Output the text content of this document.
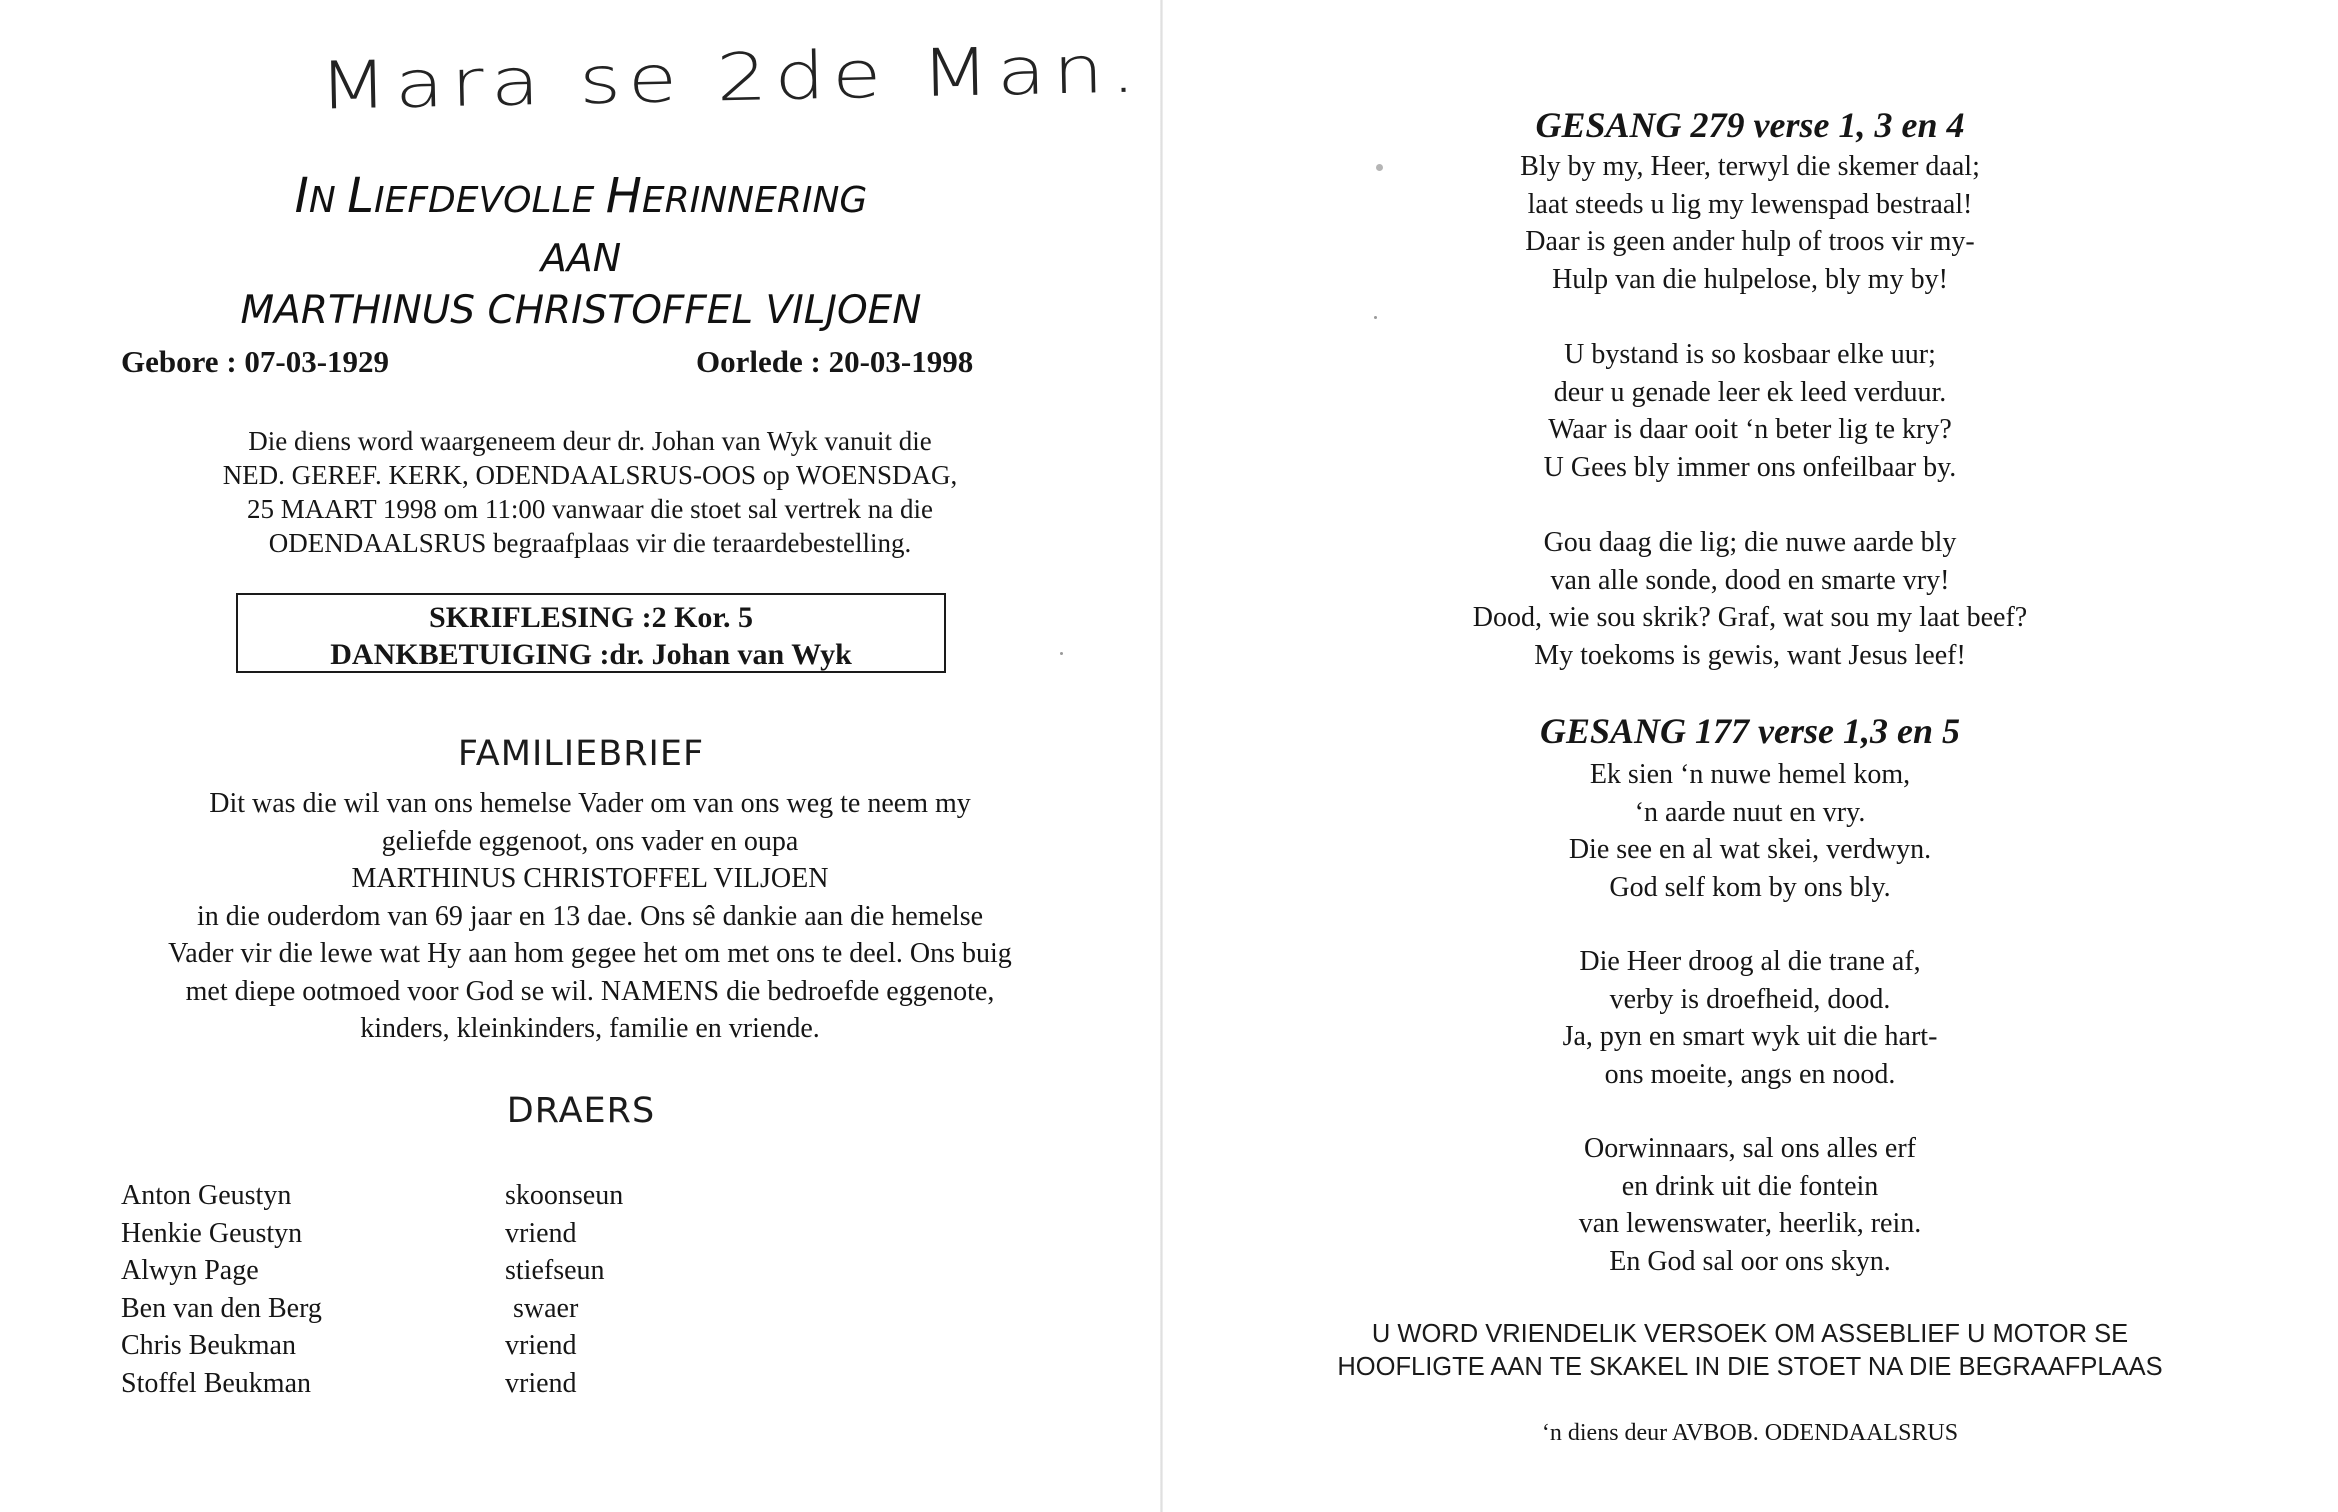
Mara se 2de Man.
IN LIEFDEVOLLE HERINNERING
AAN
MARTHINUS CHRISTOFFEL VILJOEN
Gebore : 07-03-1929	Oorlede : 20-03-1998
Die diens word waargeneem deur dr. Johan van Wyk vanuit die
NED. GEREF. KERK, ODENDAALSRUS-OOS op WOENSDAG,
25 MAART 1998 om 11:00 vanwaar die stoet sal vertrek na die
ODENDAALSRUS begraafplaas vir die teraardebestelling.
SKRIFLESING :2 Kor. 5
DANKBETUIGING :dr. Johan van Wyk
FAMILIEBRIEF
Dit was die wil van ons hemelse Vader om van ons weg te neem my
geliefde eggenoot, ons vader en oupa
MARTHINUS CHRISTOFFEL VILJOEN
in die ouderdom van 69 jaar en 13 dae. Ons sê dankie aan die hemelse
Vader vir die lewe wat Hy aan hom gegee het om met ons te deel. Ons buig
met diepe ootmoed voor God se wil. NAMENS die bedroefde eggenote,
kinders, kleinkinders, familie en vriende.
DRAERS
Anton Geustyn
Henkie Geustyn
Alwyn Page
Ben van den Berg
Chris Beukman
Stoffel Beukman
skoonseun
vriend
stiefseun
swaer
vriend
vriend
GESANG 279 verse 1, 3 en 4
Bly by my, Heer, terwyl die skemer daal;
laat steeds u lig my lewenspad bestraal!
Daar is geen ander hulp of troos vir my-
Hulp van die hulpelose, bly my by!
U bystand is so kosbaar elke uur;
deur u genade leer ek leed verduur.
Waar is daar ooit ‘n beter lig te kry?
U Gees bly immer ons onfeilbaar by.
Gou daag die lig; die nuwe aarde bly
van alle sonde, dood en smarte vry!
Dood, wie sou skrik? Graf, wat sou my laat beef?
My toekoms is gewis, want Jesus leef!
GESANG 177 verse 1,3 en 5
Ek sien ‘n nuwe hemel kom,
‘n aarde nuut en vry.
Die see en al wat skei, verdwyn.
God self kom by ons bly.
Die Heer droog al die trane af,
verby is droefheid, dood.
Ja, pyn en smart wyk uit die hart-
ons moeite, angs en nood.
Oorwinnaars, sal ons alles erf
en drink uit die fontein
van lewenswater, heerlik, rein.
En God sal oor ons skyn.
U WORD VRIENDELIK VERSOEK OM ASSEBLIEF U MOTOR SE
HOOFLIGTE AAN TE SKAKEL IN DIE STOET NA DIE BEGRAAFPLAAS
‘n diens deur AVBOB. ODENDAALSRUS
